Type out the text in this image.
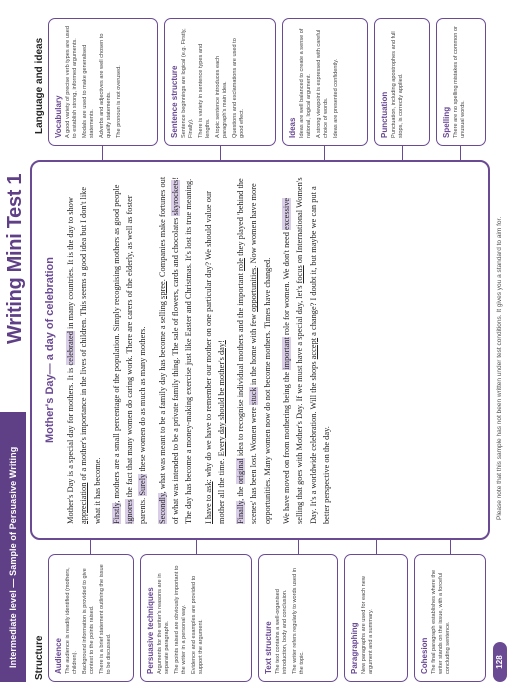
Intermediate level — Sample of Persuasive Writing
Writing Mini Test 1
Structure
Language and ideas
Audience The audience is readily identified (mothers, children). Background information is provided to give context to the points raised. There is a brief statement outlining the issue to be discussed.	Persuasive techniques Arguments for the writer's reasons are in separate paragraphs. The points raised are obviously important to the writer in a personal way. Evidence and examples are provided to support the argument.	Text structure The text contains a well-organised introduction, body and conclusion. The writer refers regularly to words used in the topic.	Paragraphing New paragraphs are used for each new argument and a summary.	Cohesion The final paragraph establishes where the writer stands on the issue, with a forceful concluding sentence.

Mother's Day— a day of celebration

Mother's Day is a special day for mothers. It is celebrated in many countries. It is the day to show appreciation of a mother's importance in the lives of children. This seems a good idea but I don't like what it has become. Firstly, mothers are a small percentage of the population. Simply recognising mothers as good people ignores the fact that many women do caring work. There are carers of the elderly, as well as foster parents. Surely these women do as much as many mothers.

Secondly, what was meant to be a family day has become a selling spree. Companies make fortunes out of what was intended to be a private family thing. The sale of flowers, cards and chocolates skyrockets! The day has become a money-making exercise just like Easter and Christmas. It's lost its true meaning. I have to ask: why do we have to remember our mother on one particular day? We should value our mother all the time. Every day should be mother's day!

Finally, the original idea to recognise individual mothers and the important role they played 'behind the scenes' has been lost. Women were stuck in the home with few opportunities. Now women have more opportunities. Many women now do not become mothers. Times have changed. We have moved on from mothering being the important role for women. We don't need excessive selling that goes with Mother's Day. If we must have a special day, let's focus on International Women's Day. It's a worldwide celebration. Will the shops accept a change? I doubt it, but maybe we can put a better perspective on the day.

Vocabulary A good variety of precise verb types are used to establish strong, informed arguments. Modals are used to make generalised statements. Adverbs and adjectives are well chosen to qualify statements. The pronoun is not overused.	Sentence structure Sentence beginnings are logical (e.g. Firstly, Finally). There is variety in sentence types and lengths. A topic sentence introduces each paragraph's main idea. Questions and exclamations are used to good effect.	Ideas Ideas are well balanced to create a sense of rational, logical argument. A strong viewpoint is expressed with careful choice of words. Ideas are presented confidently.	Punctuation Punctuation, including apostrophes and full stops, is correctly applied.	Spelling There are no spelling mistakes of common or unusual words.

Please note that this sample has not been written under test conditions. It gives you a standard to aim for.
128
